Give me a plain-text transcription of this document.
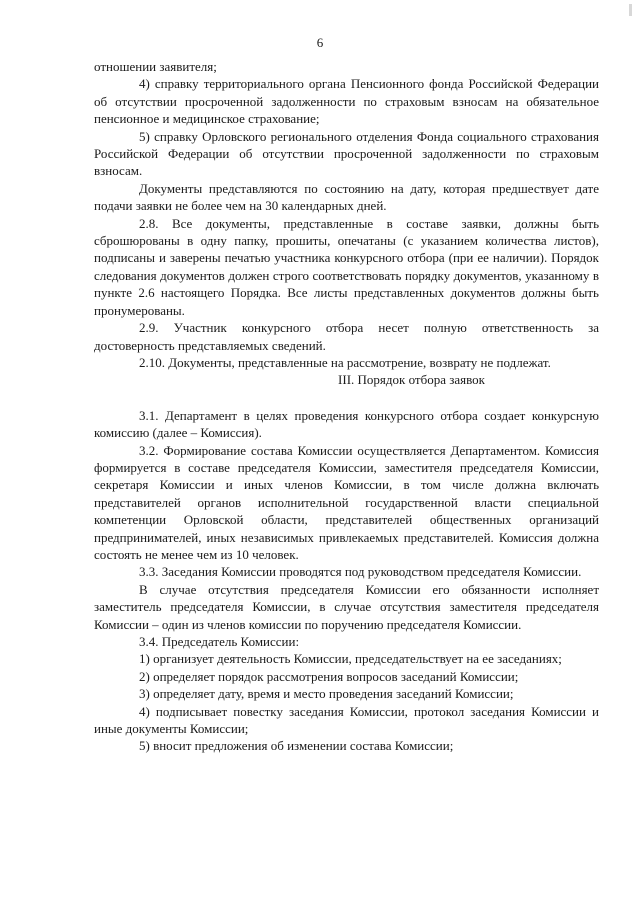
6

отношении заявителя;

4) справку территориального органа Пенсионного фонда Российской Федерации об отсутствии просроченной задолженности по страховым взносам на обязательное пенсионное и медицинское страхование;

5) справку Орловского регионального отделения Фонда социального страхования Российской Федерации об отсутствии просроченной задолженности по страховым взносам.

Документы представляются по состоянию на дату, которая предшествует дате подачи заявки не более чем на 30 календарных дней.

2.8. Все документы, представленные в составе заявки, должны быть сброшюрованы в одну папку, прошиты, опечатаны (с указанием количества листов), подписаны и заверены печатью участника конкурсного отбора (при ее наличии). Порядок следования документов должен строго соответствовать порядку документов, указанному в пункте 2.6 настоящего Порядка. Все листы представленных документов должны быть пронумерованы.

2.9. Участник конкурсного отбора несет полную ответственность за достоверность представляемых сведений.

2.10. Документы, представленные на рассмотрение, возврату не подлежат.

III. Порядок отбора заявок

3.1. Департамент в целях проведения конкурсного отбора создает конкурсную комиссию (далее – Комиссия).

3.2. Формирование состава Комиссии осуществляется Департаментом. Комиссия формируется в составе председателя Комиссии, заместителя председателя Комиссии, секретаря Комиссии и иных членов Комиссии, в том числе должна включать представителей органов исполнительной государственной власти специальной компетенции Орловской области, представителей общественных организаций предпринимателей, иных независимых привлекаемых представителей. Комиссия должна состоять не менее чем из 10 человек.

3.3. Заседания Комиссии проводятся под руководством председателя Комиссии.

В случае отсутствия председателя Комиссии его обязанности исполняет заместитель председателя Комиссии, в случае отсутствия заместителя председателя Комиссии – один из членов комиссии по поручению председателя Комиссии.

3.4. Председатель Комиссии:

1) организует деятельность Комиссии, председательствует на ее заседаниях;

2) определяет порядок рассмотрения вопросов заседаний Комиссии;

3) определяет дату, время и место проведения заседаний Комиссии;

4) подписывает повестку заседания Комиссии, протокол заседания Комиссии и иные документы Комиссии;

5) вносит предложения об изменении состава Комиссии;
